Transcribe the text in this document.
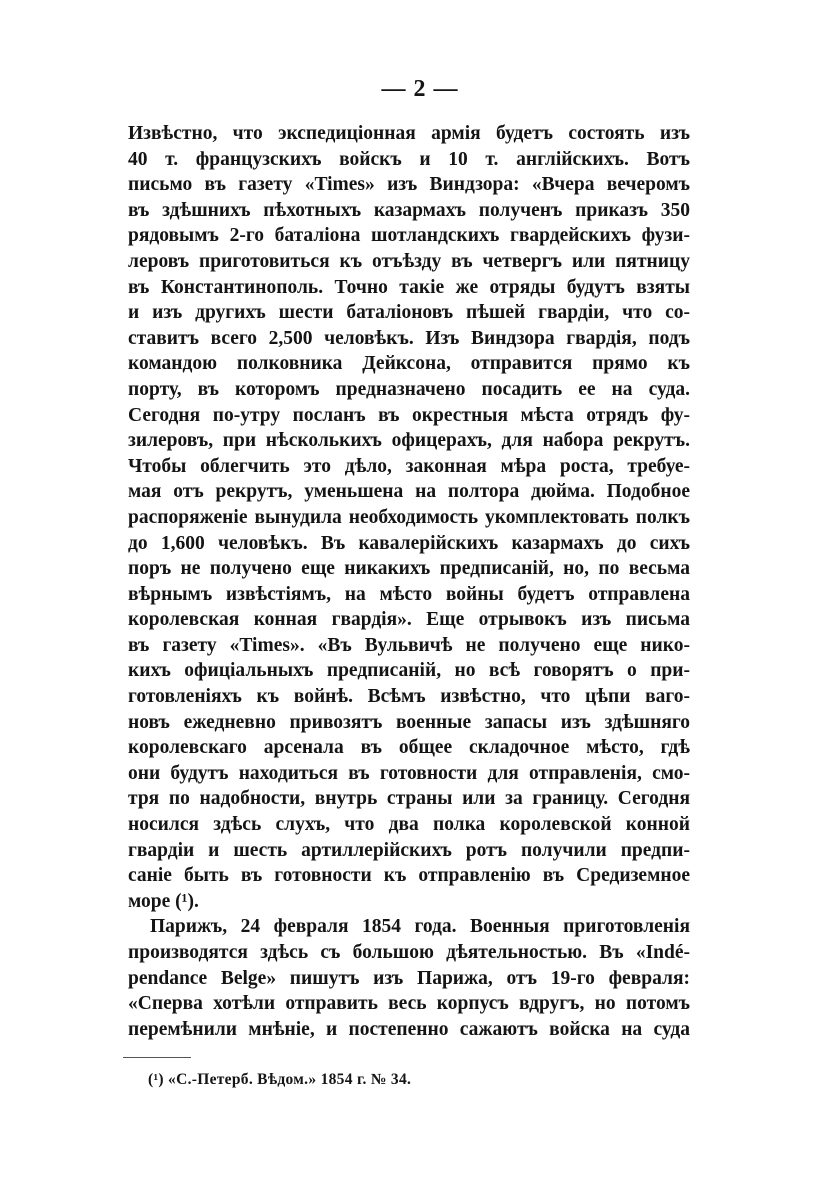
— 2 —
Извѣстно, что экспедиціонная армія будетъ состоять изъ
40 т. французскихъ войскъ и 10 т. англійскихъ. Вотъ
письмо въ газету «Times» изъ Виндзора: «Вчера вечеромъ
въ здѣшнихъ пѣхотныхъ казармахъ полученъ приказъ 350
рядовымъ 2-го баталіона шотландскихъ гвардейскихъ фузи-
леровъ приготовиться къ отъѣзду въ четвергъ или пятницу
въ Константинополь. Точно такіе же отряды будутъ взяты
и изъ другихъ шести баталіоновъ пѣшей гвардіи, что со-
ставитъ всего 2,500 человѣкъ. Изъ Виндзора гвардія, подъ
командою полковника Дейксона, отправится прямо къ
порту, въ которомъ предназначено посадить ее на суда.
Сегодня по-утру посланъ въ окрестныя мѣста отрядъ фу-
зилеровъ, при нѣсколькихъ офицерахъ, для набора рекрутъ.
Чтобы облегчить это дѣло, законная мѣра роста, требуе-
мая отъ рекрутъ, уменьшена на полтора дюйма. Подобное
распоряженіе вынудила необходимость укомплектовать полкъ
до 1,600 человѣкъ. Въ кавалерійскихъ казармахъ до сихъ
поръ не получено еще никакихъ предписаній, но, по весьма
вѣрнымъ извѣстіямъ, на мѣсто войны будетъ отправлена
королевская конная гвардія». Еще отрывокъ изъ письма
въ газету «Times». «Въ Вульвичѣ не получено еще нико-
кихъ офиціальныхъ предписаній, но всѣ говорятъ о при-
готовленіяхъ къ войнѣ. Всѣмъ извѣстно, что цѣпи ваго-
новъ ежедневно привозятъ военные запасы изъ здѣшняго
королевскаго арсенала въ общее складочное мѣсто, гдѣ
они будутъ находиться въ готовности для отправленія, смо-
тря по надобности, внутрь страны или за границу. Сегодня
носился здѣсь слухъ, что два полка королевской конной
гвардіи и шесть артиллерійскихъ ротъ получили предпи-
саніе быть въ готовности къ отправленію въ Средиземное
море (¹).
Парижъ, 24 февраля 1854 года. Военныя приготовленія
производятся здѣсь съ большою дѣятельностью. Въ «Indé-
pendance Belge» пишутъ изъ Парижа, отъ 19-го февраля:
«Сперва хотѣли отправить весь корпусъ вдругъ, но потомъ
перемѣнили мнѣніе, и постепенно сажаютъ войска на суда
(¹) «С.-Петерб. Вѣдом.» 1854 г. № 34.
